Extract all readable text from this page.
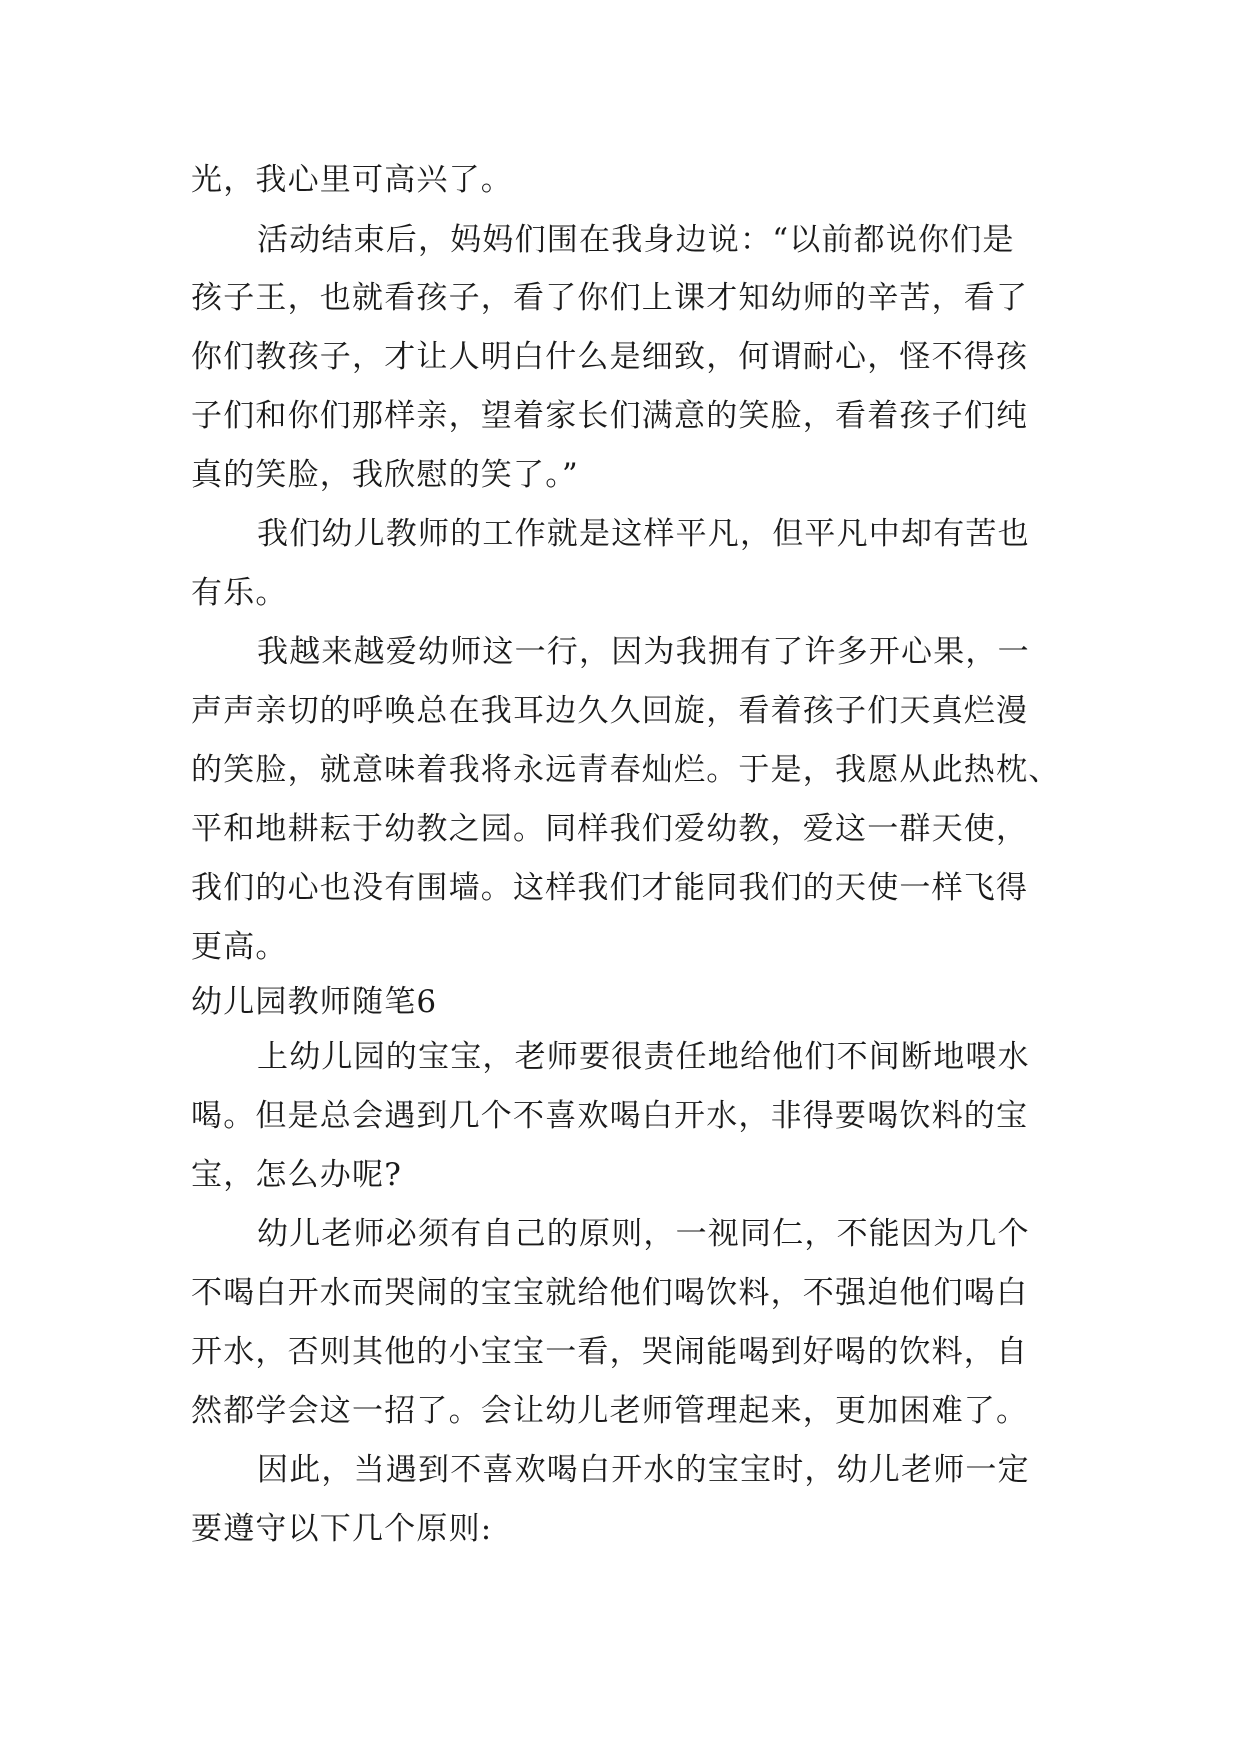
光，我心里可高兴了。
活动结束后，妈妈们围在我身边说：“以前都说你们是
孩子王，也就看孩子，看了你们上课才知幼师的辛苦，看了
你们教孩子，才让人明白什么是细致，何谓耐心，怪不得孩
子们和你们那样亲，望着家长们满意的笑脸，看着孩子们纯
真的笑脸，我欣慰的笑了。”
我们幼儿教师的工作就是这样平凡，但平凡中却有苦也
有乐。
我越来越爱幼师这一行，因为我拥有了许多开心果，一
声声亲切的呼唤总在我耳边久久回旋，看着孩子们天真烂漫
的笑脸，就意味着我将永远青春灿烂。于是，我愿从此热枕、
平和地耕耘于幼教之园。同样我们爱幼教，爱这一群天使，
我们的心也没有围墙。这样我们才能同我们的天使一样飞得
更高。
幼儿园教师随笔6
上幼儿园的宝宝，老师要很责任地给他们不间断地喂水
喝。但是总会遇到几个不喜欢喝白开水，非得要喝饮料的宝
宝，怎么办呢?
幼儿老师必须有自己的原则，一视同仁，不能因为几个
不喝白开水而哭闹的宝宝就给他们喝饮料，不强迫他们喝白
开水，否则其他的小宝宝一看，哭闹能喝到好喝的饮料，自
然都学会这一招了。会让幼儿老师管理起来，更加困难了。
因此，当遇到不喜欢喝白开水的宝宝时，幼儿老师一定
要遵守以下几个原则:
